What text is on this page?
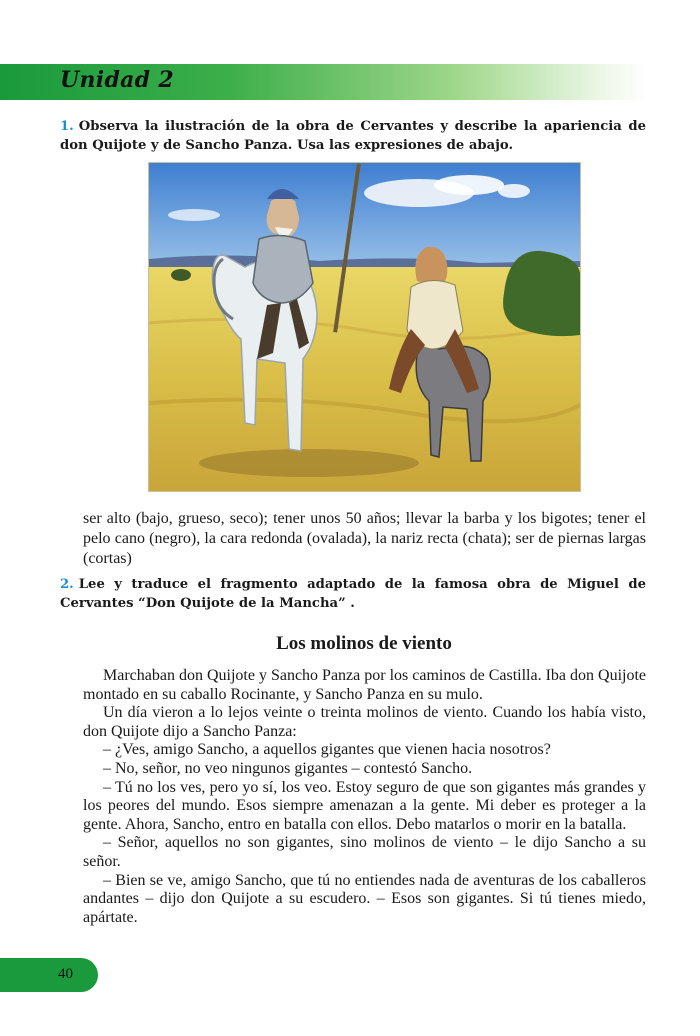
Unidad 2
1. Observa la ilustración de la obra de Cervantes y describe la apariencia de don Quijote y de Sancho Panza. Usa las expresiones de abajo.

ser alto (bajo, grueso, seco); tener unos 50 años; llevar la barba y los bigotes; tener el pelo cano (negro), la cara redonda (ovalada), la nariz recta (chata); ser de piernas largas (cortas)

2. Lee y traduce el fragmento adaptado de la famosa obra de Miguel de Cervantes “Don Quijote de la Mancha” .
Los molinos de viento

Marchaban don Quijote y Sancho Panza por los caminos de Castilla. Iba don Quijote montado en su caballo Rocinante, y Sancho Panza en su mulo.

Un día vieron a lo lejos veinte o treinta molinos de viento. Cuando los había visto, don Quijote dijo a Sancho Panza:

– ¿Ves, amigo Sancho, a aquellos gigantes que vienen hacia nosotros?

– No, señor, no veo ningunos gigantes – contestó Sancho.

– Tú no los ves, pero yo sí, los veo. Estoy seguro de que son gigantes más grandes y los peores del mundo. Esos siempre amenazan a la gente. Mi deber es proteger a la gente. Ahora, Sancho, entro en batalla con ellos. Debo matarlos o morir en la batalla.

– Señor, aquellos no son gigantes, sino molinos de viento – le dijo Sancho a su señor.

– Bien se ve, amigo Sancho, que tú no entiendes nada de aventuras de los caballeros andantes – dijo don Quijote a su escudero. – Esos son gigantes. Si tú tienes miedo, apártate.

40
